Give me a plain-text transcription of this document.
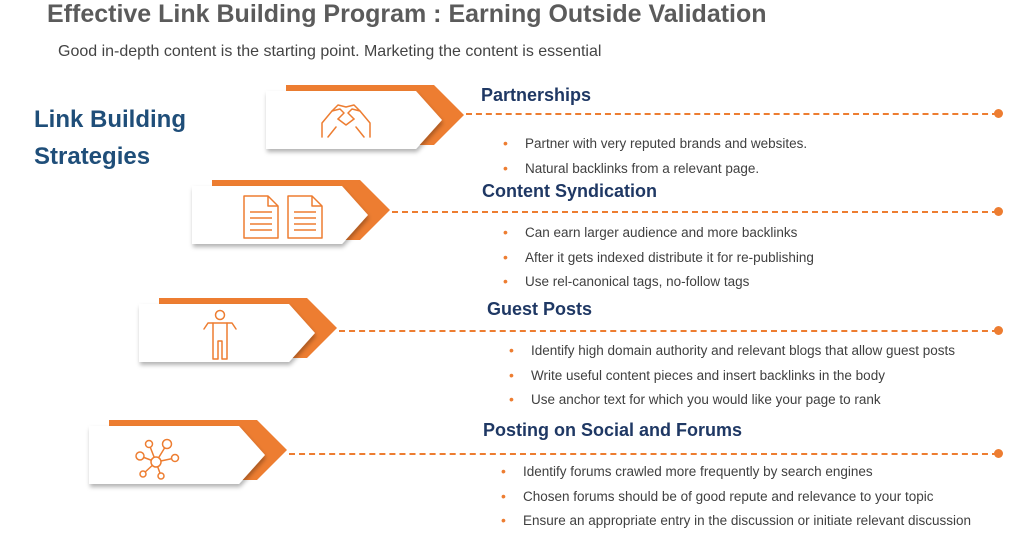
Effective Link Building Program : Earning Outside Validation

Good in-depth content is the starting point. Marketing the content is essential

Link Building
Strategies
Partnerships
• Partner with very reputed brands and websites.
• Natural backlinks from a relevant page.
Content Syndication
• Can earn larger audience and more backlinks
• After it gets indexed distribute it for re-publishing
• Use rel-canonical tags, no-follow tags
Guest Posts
• Identify high domain authority and relevant blogs that allow guest posts
• Write useful content pieces and insert backlinks in the body
• Use anchor text for which you would like your page to rank
Posting on Social and Forums
• Identify forums crawled more frequently by search engines
• Chosen forums should be of good repute and relevance to your topic
• Ensure an appropriate entry in the discussion or initiate relevant discussion
